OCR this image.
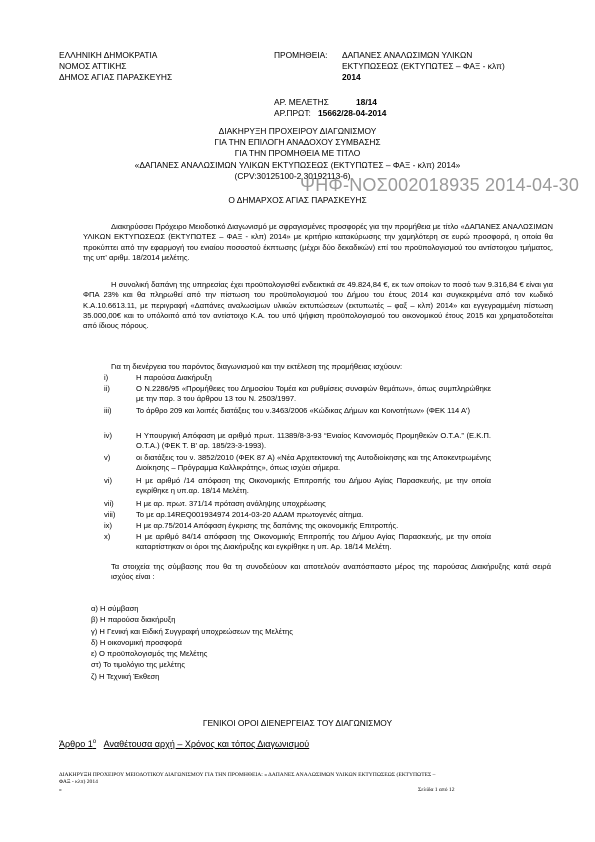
ΕΛΛΗΝΙΚΗ ΔΗΜΟΚΡΑΤΙΑ
ΝΟΜΟΣ ΑΤΤΙΚΗΣ
ΔΗΜΟΣ ΑΓΙΑΣ ΠΑΡΑΣΚΕΥΗΣ
ΠΡΟΜΗΘΕΙΑ: ΔΑΠΑΝΕΣ ΑΝΑΛΩΣΙΜΩΝ ΥΛΙΚΩΝ
ΕΚΤΥΠΩΣΕΩΣ (ΕΚΤΥΠΩΤΕΣ – ΦΑΞ - κλπ)
2014
ΑΡ. ΜΕΛΕΤΗΣ	18/14
ΑΡ.ΠΡΩΤ: 15662/28-04-2014
ΔΙΑΚΗΡΥΞΗ ΠΡΟΧΕΙΡΟΥ ΔΙΑΓΩΝΙΣΜΟΥ
ΓΙΑ ΤΗΝ ΕΠΙΛΟΓΗ ΑΝΑΔΟΧΟΥ ΣΥΜΒΑΣΗΣ
ΓΙΑ ΤΗΝ ΠΡΟΜΗΘΕΙΑ ΜΕ ΤΙΤΛΟ
«ΔΑΠΑΝΕΣ ΑΝΑΛΩΣΙΜΩΝ ΥΛΙΚΩΝ ΕΚΤΥΠΩΣΕΩΣ (ΕΚΤΥΠΩΤΕΣ – ΦΑΞ - κλπ) 2014»
(CPV:30125100-2,30192113-6)
ΨΗΦ-ΝΟΣ002018935 2014-04-30
Ο ΔΗΜΑΡΧΟΣ ΑΓΙΑΣ ΠΑΡΑΣΚΕΥΗΣ
Διακηρύσσει Πρόχειρο Μειοδοτικό Διαγωνισμό με σφραγισμένες προσφορές για την προμήθεια με τίτλο «ΔΑΠΑΝΕΣ ΑΝΑΛΩΣΙΜΩΝ ΥΛΙΚΩΝ ΕΚΤΥΠΩΣΕΩΣ (ΕΚΤΥΠΩΤΕΣ – ΦΑΞ - κλπ) 2014» με κριτήριο κατακύρωσης την χαμηλότερη σε ευρώ προσφορά, η οποία θα προκύπτει από την εφαρμογή του ενιαίου ποσοστού έκπτωσης (μέχρι δύο δεκαδικών) επί του προϋπολογισμού του αντίστοιχου τμήματος, της υπ' αριθμ. 18/2014 μελέτης.
Η συνολική δαπάνη της υπηρεσίας έχει προϋπολογισθεί ενδεικτικά σε 49.824,84 €, εκ των οποίων το ποσό των 9.316,84 € είναι για ΦΠΑ 23% και θα πληρωθεί από την πίστωση του προϋπολογισμού του Δήμου του έτους 2014 και συγκεκριμένα από τον κωδικό Κ.Α.10.6613.11, με περιγραφή «Δαπάνες αναλωσίμων υλικών εκτυπώσεων (εκτυπωτές – φαξ – κλπ) 2014» και εγγεγραμμένη πίστωση 35.000,00€ και το υπόλοιπό από τον αντίστοιχο Κ.Α. του υπό ψήφιση προϋπολογισμού του οικονομικού έτους 2015 και χρηματοδοτείται από ίδιους πόρους.
Για τη διενέργεια του παρόντος διαγωνισμού και την εκτέλεση της προμήθειας ισχύουν:
i)	Η παρούσα Διακήρυξη
ii)	Ο Ν.2286/95 «Προμήθειες του Δημοσίου Τομέα και ρυθμίσεις συναφών θεμάτων», όπως συμπληρώθηκε με την παρ. 3 του άρθρου 13 του Ν. 2503/1997.
iii)	Το άρθρο 209 και λοιπές διατάξεις του ν.3463/2006 «Κώδικας Δήμων και Κοινοτήτων» (ΦΕΚ 114 Α')
iv)	Η Υπουργική Απόφαση με αριθμό πρωτ. 11389/8-3-93 “Ενιαίος Κανονισμός Προμηθειών Ο.Τ.Α.” (Ε.Κ.Π. Ο.Τ.Α.) (ΦΕΚ Τ. Β' αρ. 185/23-3-1993).
v)	οι διατάξεις του ν. 3852/2010 (ΦΕΚ 87 Α) «Νέα Αρχιτεκτονική της Αυτοδιοίκησης και της Αποκεντρωμένης Διοίκησης – Πρόγραμμα Καλλικράτης», όπως ισχύει σήμερα.
vi)	Η με αριθμό /14 απόφαση της Οικονομικής Επιτροπής του Δήμου Αγίας Παρασκευής, με την οποία εγκρίθηκε η υπ.αρ. 18/14 Μελέτη.
vii)	Η με αρ. πρωτ. 371/14 πρόταση ανάληψης υποχρέωσης
viii)	Το με αρ.14REQ001934974 2014-03-20 ΑΔΑΜ πρωτογενές αίτημα.
ix)	Η με αρ.75/2014 Απόφαση έγκρισης της δαπάνης της οικονομικής Επιτροπής.
x)	Η με αριθμό 84/14 απόφαση της Οικονομικής Επιτροπής του Δήμου Αγίας Παρασκευής, με την οποία καταρτίστηκαν οι όροι της Διακήρυξης και εγκρίθηκε η υπ. Αρ. 18/14 Μελέτη.
Τα στοιχεία της σύμβασης που θα τη συνοδεύουν και αποτελούν αναπόσπαστο μέρος της παρούσας Διακήρυξης κατά σειρά ισχύος είναι :
α) Η σύμβαση
β) Η παρούσα διακήρυξη
γ) Η Γενική και Ειδική Συγγραφή υποχρεώσεων της Μελέτης
δ) Η οικονομική προσφορά
ε) Ο προϋπολογισμός της Μελέτης
στ) Το τιμολόγιο της μελέτης
ζ) Η Τεχνική Έκθεση
ΓΕΝΙΚΟΙ ΟΡΟΙ ΔΙΕΝΕΡΓΕΙΑΣ ΤΟΥ ΔΙΑΓΩΝΙΣΜΟΥ
Άρθρο $1^o$ Αναθέτουσα αρχή – Χρόνος και τόπος Διαγωνισμού
ΔΙΑΚΗΡΥΞΗ ΠΡΟΧΕΙΡΟΥ ΜΕΙΟΔΟΤΙΚΟΥ ΔΙΑΓΩΝΙΣΜΟΥ ΓΙΑ ΤΗΝ ΠΡΟΜΗΘΕΙΑ: « ΔΑΠΑΝΕΣ ΑΝΑΛΩΣΙΜΩΝ ΥΛΙΚΩΝ ΕΚΤΥΠΩΣΕΩΣ (ΕΚΤΥΠΩΤΕΣ –
ΦΑΞ - κλπ) 2014
»	Σελίδα 1 από 12
